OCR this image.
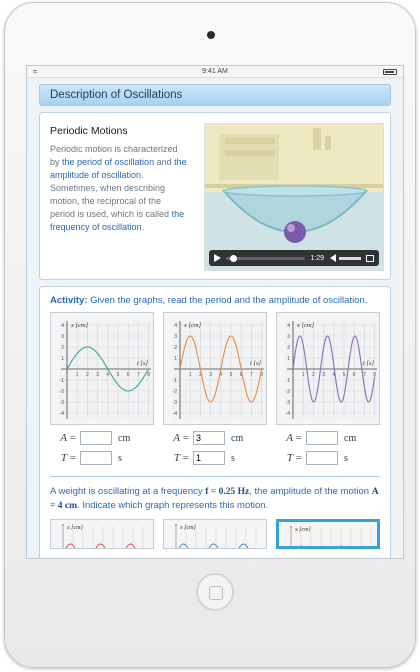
≈	9:41 AM
Description of Oscillations
Periodic Motions

Periodic motion is characterized by the period of oscillation and the amplitude of oscillation. Sometimes, when describing motion, the reciprocal of the period is used, which is called the frequency of oscillation.

1:29
Activity: Given the graphs, read the period and the amplitude of oscillation.
x [cm]
t [s]
4
3
2
1
-1
-2
-3
-4
1 2 3 4 5 6 7 8
x [cm]
t [s]
4
3
2
1
-1
-2
-3
-4
1 2 3 4 5 6 7 8
x [cm]
t [s]
4
3
2
1
-1
-2
-3
-4
1 2 3 4 5 6 7 8
A =	cm
T =	s
A =
3	cm
T =
1	s
A =	cm
T =	s
A weight is oscillating at a frequency f = 0.25 Hz, the amplitude of the motion A = 4 cm. Indicate which graph represents this motion.
x [cm]	x [cm]	x [cm]
